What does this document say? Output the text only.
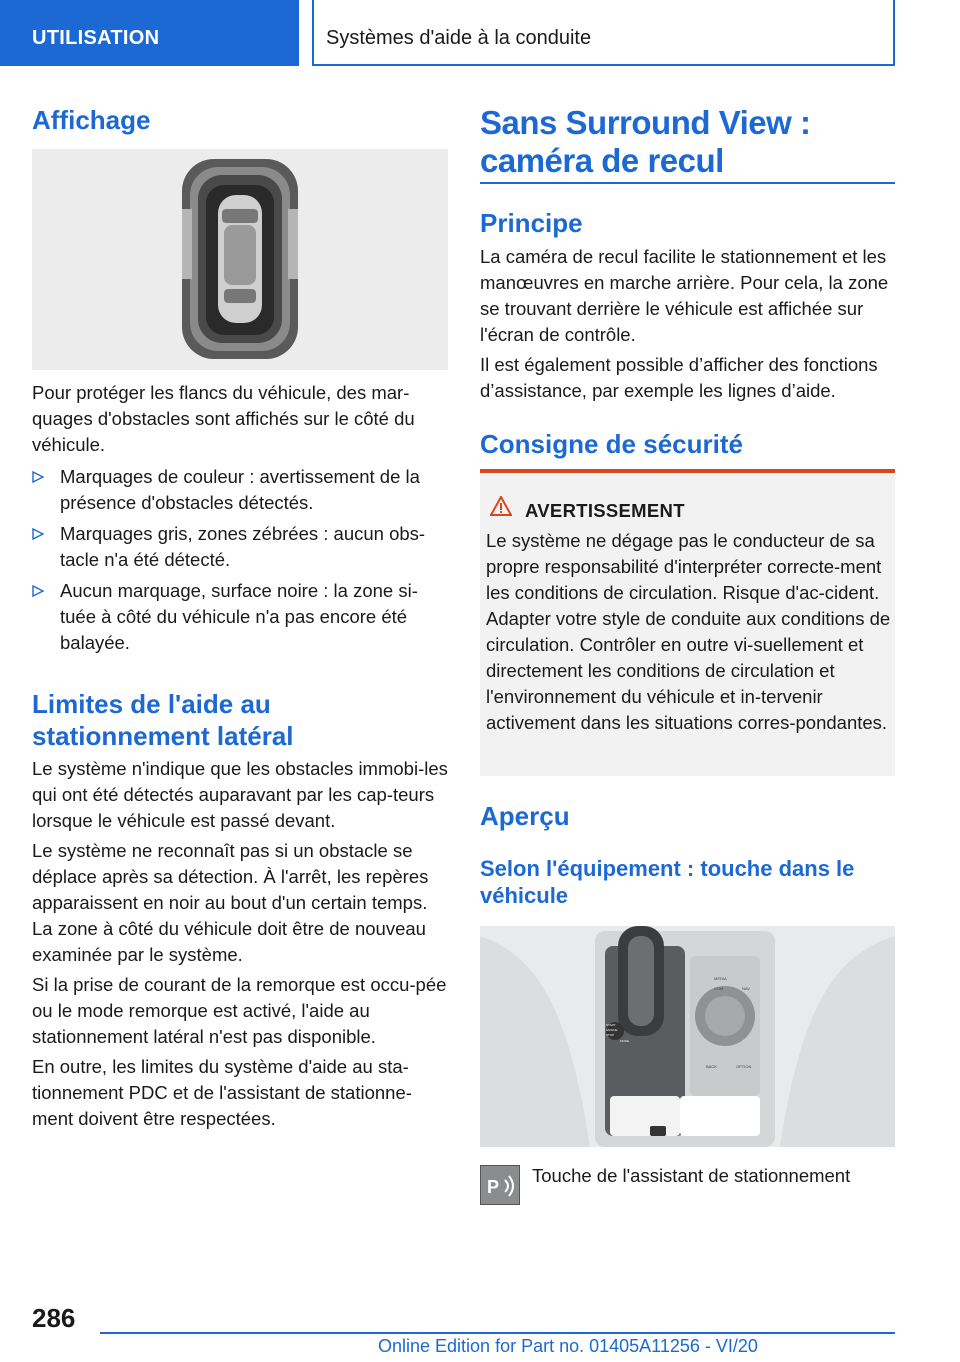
UTILISATION	Systèmes d'aide à la conduite
Affichage
Pour protéger les flancs du véhicule, des mar-quages d'obstacles sont affichés sur le côté du véhicule.
Marquages de couleur : avertissement de la présence d'obstacles détectés.
Marquages gris, zones zébrées : aucun obs-tacle n'a été détecté.
Aucun marquage, surface noire : la zone si-tuée à côté du véhicule n'a pas encore été balayée.
Limites de l'aide au
stationnement latéral
Le système n'indique que les obstacles immobi-les qui ont été détectés auparavant par les cap-teurs lorsque le véhicule est passé devant.
Le système ne reconnaît pas si un obstacle se déplace après sa détection. À l'arrêt, les repères apparaissent en noir au bout d'un certain temps. La zone à côté du véhicule doit être de nouveau examinée par le système.
Si la prise de courant de la remorque est occu-pée ou le mode remorque est activé, l'aide au stationnement latéral n'est pas disponible.
En outre, les limites du système d'aide au sta-tionnement PDC et de l'assistant de stationne-ment doivent être respectées.
Sans Surround View :
caméra de recul
Principe
La caméra de recul facilite le stationnement et les manœuvres en marche arrière. Pour cela, la zone se trouvant derrière le véhicule est affichée sur l'écran de contrôle.
Il est également possible d’afficher des fonctions d’assistance, par exemple les lignes d’aide.
Consigne de sécurité
AVERTISSEMENT
Le système ne dégage pas le conducteur de sa propre responsabilité d'interpréter correcte-ment les conditions de circulation. Risque d'ac-cident. Adapter votre style de conduite aux conditions de circulation. Contrôler en outre vi-suellement et directement les conditions de circulation et l'environnement du véhicule et in-tervenir activement dans les situations corres-pondantes.
Aperçu
Selon l'équipement : touche dans le
véhicule
MEDIA
COM	NAV
BACK	OPTION
START
ENGINE
STOP
MODE
P
Touche de l'assistant de stationnement
286
Online Edition for Part no. 01405A11256 - VI/20
